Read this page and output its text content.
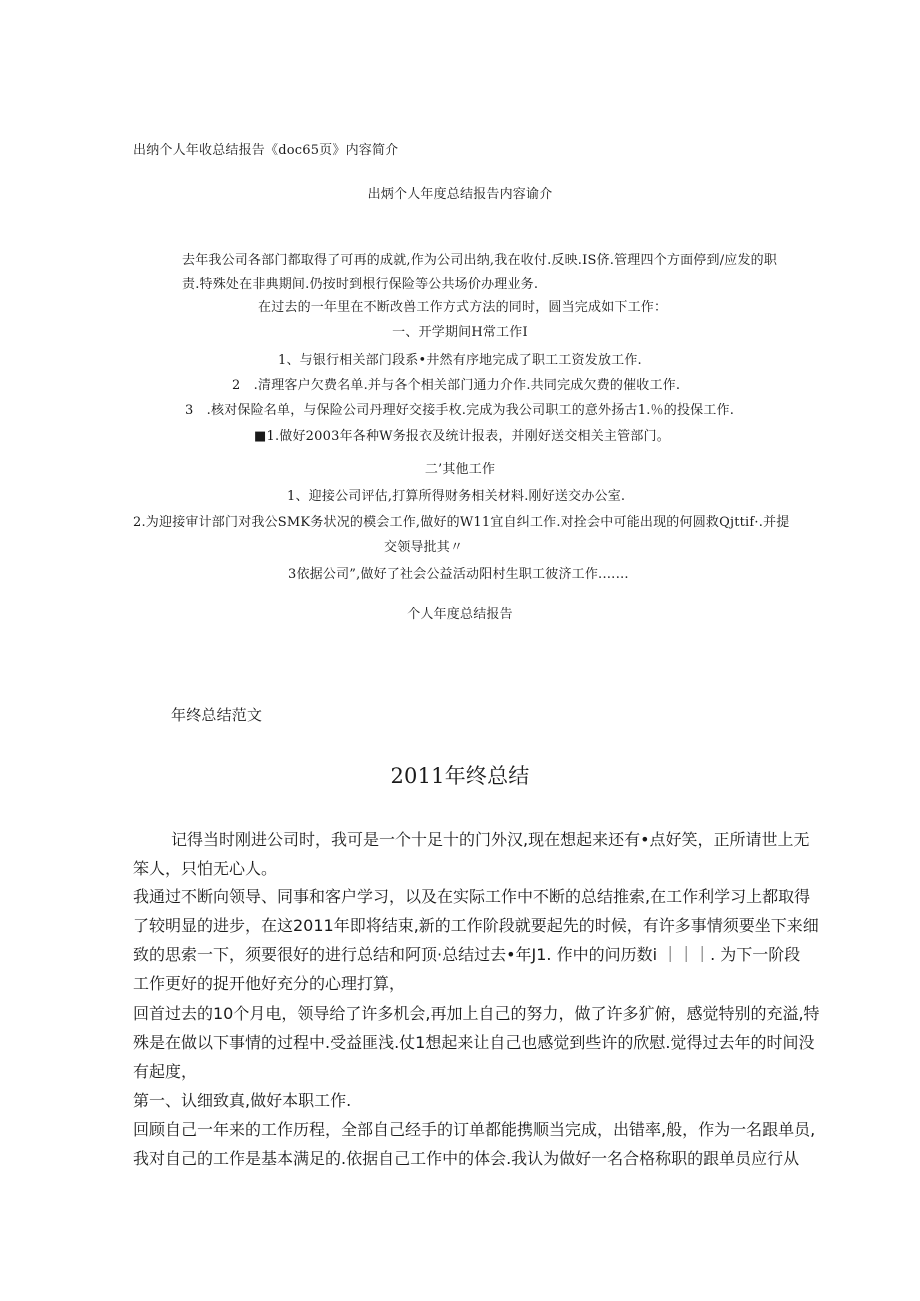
出纳个人年收总结报告《doc65页》内容简介
出炳个人年度总结报告内容谕介
去年我公司各部门都取得了可再的成就,作为公司出纳,我在收付.反映.IS侪.管理四个方面停到/应发的职
责.特殊处在非典期间.仍按时到根行保险等公共场价办理业务.
在过去的一年里在不断改兽工作方式方法的同时，圆当完成如下工作：
一、开学期间H常工作I
1、与银行相关部门段系•井然有序地完成了职工工资发放工作.
2　.清理客户欠费名单.并与各个相关部门通力介作.共同完成欠费的催收工作.
3　.核对保险名单，与保险公司丹理好交接手枚.完成为我公司职工的意外扬古1.％的投保工作.
■1.做好2003年各种W务报衣及统计报表，并刚好送交相关主管部门。
二’其他工作
1、迎接公司评估,打算所得财务相关材料.刚好送交办公室.
2.为迎接审计部门对我公SMK务状况的模会工作,做好的W11宜自纠工作.对拴会中可能出现的何圆救Qjttif·.并提
交领导批其〃
3依据公司”,做好了社会公益活动阳村生职工彼济工作.……
个人年度总结报告
年终总结范文
2011年终总结
记得当时刚进公司时，我可是一个十足十的门外汉,现在想起来还有•点好笑，正所请世上无
笨人，只怕无心人。
我通过不断向领导、同事和客户学习，以及在实际工作中不断的总结推索,在工作利学习上都取得
了较明显的进步，在这2011年即将结束,新的工作阶段就要起先的时候，有许多事情须要坐下来细
致的思索一下，须要很好的进行总结和阿顶·总结过去•年J1. 作中的问历数i ｜｜｜. 为下一阶段
工作更好的捉开他好充分的心理打算，
回首过去的10个月电，领导给了许多机会,再加上自己的努力，做了许多犷俯，感觉特别的充溢,特
殊是在做以下事情的过程中.受益匪浅.仗1想起来让自己也感觉到些许的欣慰.觉得过去年的时间没
有起度，
第一、认细致真,做好本职工作.
回顾自己一年来的工作历程，全部自己经手的订单都能携顺当完成，出错率,般，作为一名跟单员,
我对自己的工作是基本满足的.依据自己工作中的体会.我认为做好一名合格称职的跟单员应行从
